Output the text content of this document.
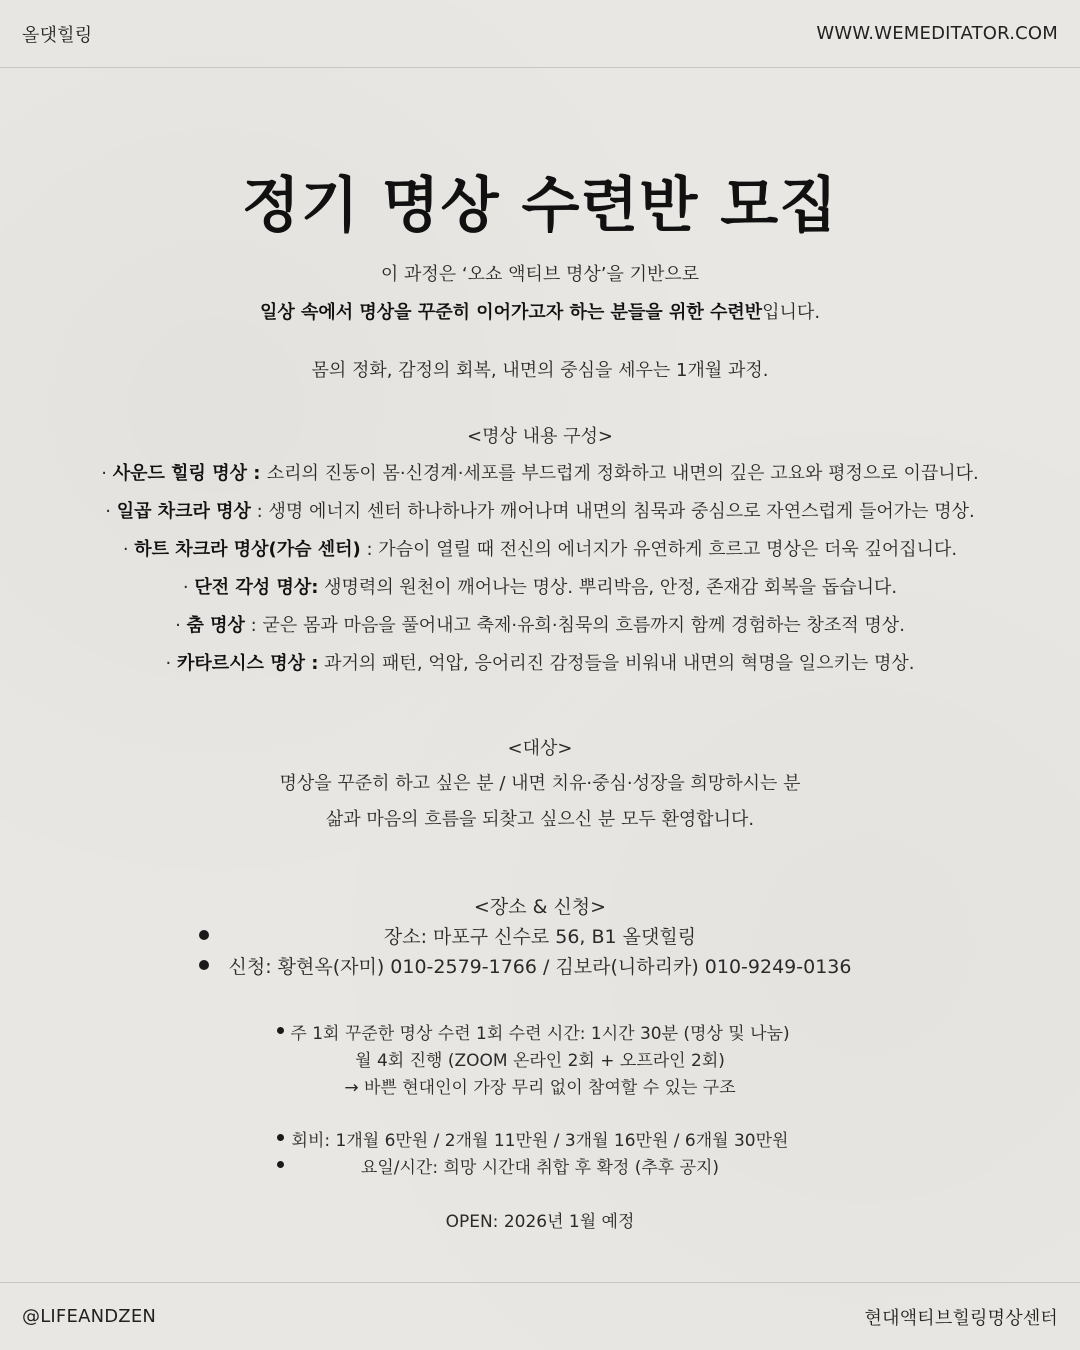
올댓힐링	WWW.WEMEDITATOR.COM
정기 명상 수련반 모집
이 과정은 ‘오쇼 액티브 명상’을 기반으로
일상 속에서 명상을 꾸준히 이어가고자 하는 분들을 위한 수련반입니다.
몸의 정화, 감정의 회복, 내면의 중심을 세우는 1개월 과정.
<명상 내용 구성>
· 사운드 힐링 명상 : 소리의 진동이 몸·신경계·세포를 부드럽게 정화하고 내면의 깊은 고요와 평정으로 이끕니다.
· 일곱 차크라 명상 : 생명 에너지 센터 하나하나가 깨어나며 내면의 침묵과 중심으로 자연스럽게 들어가는 명상.
· 하트 차크라 명상(가슴 센터) : 가슴이 열릴 때 전신의 에너지가 유연하게 흐르고 명상은 더욱 깊어집니다.
· 단전 각성 명상: 생명력의 원천이 깨어나는 명상. 뿌리박음, 안정, 존재감 회복을 돕습니다.
· 춤 명상 : 굳은 몸과 마음을 풀어내고 축제·유희·침묵의 흐름까지 함께 경험하는 창조적 명상.
· 카타르시스 명상 : 과거의 패턴, 억압, 응어리진 감정들을 비워내 내면의 혁명을 일으키는 명상.
<대상>
명상을 꾸준히 하고 싶은 분 / 내면 치유·중심·성장을 희망하시는 분
삶과 마음의 흐름을 되찾고 싶으신 분 모두 환영합니다.
<장소 & 신청>
장소: 마포구 신수로 56, B1 올댓힐링
신청: 황현옥(자미) 010-2579-1766 / 김보라(니하리카) 010-9249-0136
주 1회 꾸준한 명상 수련 1회 수련 시간: 1시간 30분 (명상 및 나눔)
월 4회 진행 (ZOOM 온라인 2회 + 오프라인 2회)
→ 바쁜 현대인이 가장 무리 없이 참여할 수 있는 구조
회비: 1개월 6만원 / 2개월 11만원 / 3개월 16만원 / 6개월 30만원
요일/시간: 희망 시간대 취합 후 확정 (추후 공지)
OPEN: 2026년 1월 예정
@LIFEANDZEN	현대액티브힐링명상센터
